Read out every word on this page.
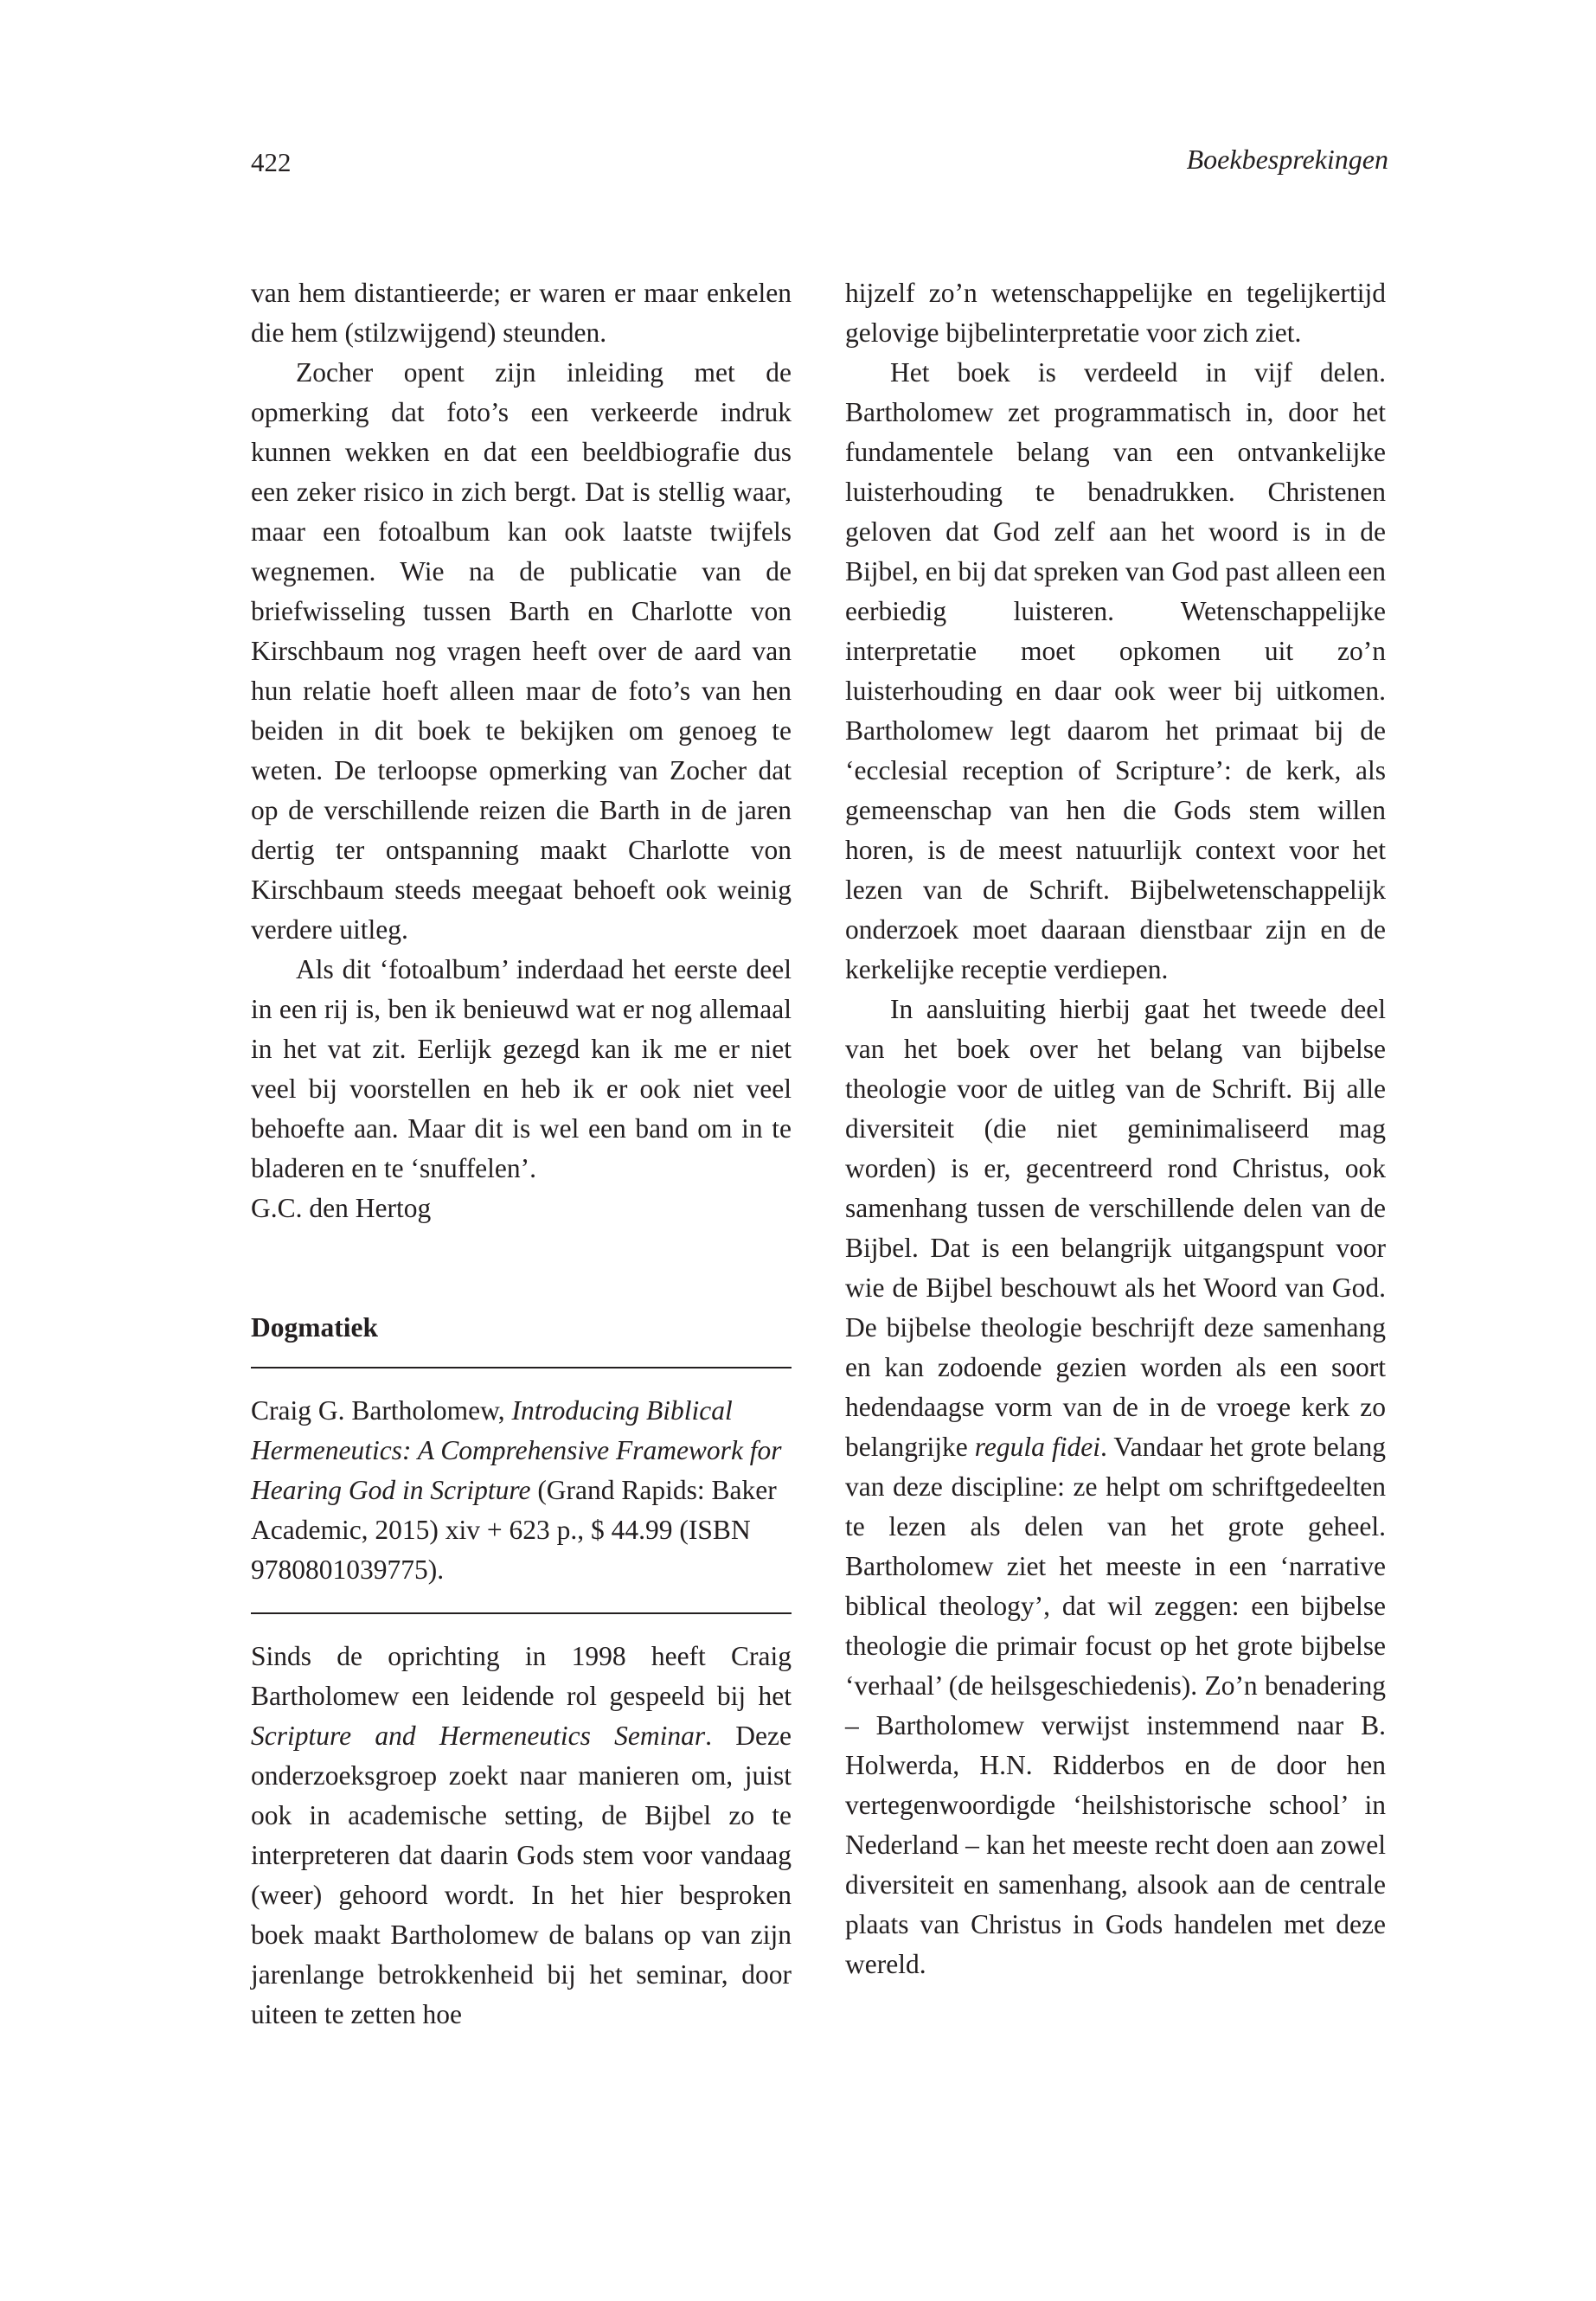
422	Boekbesprekingen

van hem distantieerde; er waren er maar enkelen die hem (stilzwijgend) steunden.

Zocher opent zijn inleiding met de opmerking dat foto’s een verkeerde indruk kunnen wekken en dat een beeldbiografie dus een zeker risico in zich bergt. Dat is stellig waar, maar een fotoalbum kan ook laatste twijfels wegnemen. Wie na de publicatie van de briefwisseling tussen Barth en Charlotte von Kirschbaum nog vragen heeft over de aard van hun relatie hoeft alleen maar de foto’s van hen beiden in dit boek te bekijken om genoeg te weten. De terloopse opmerking van Zocher dat op de verschillende reizen die Barth in de jaren dertig ter ontspanning maakt Charlotte von Kirschbaum steeds meegaat behoeft ook weinig verdere uitleg.

Als dit ‘fotoalbum’ inderdaad het eerste deel in een rij is, ben ik benieuwd wat er nog allemaal in het vat zit. Eerlijk gezegd kan ik me er niet veel bij voorstellen en heb ik er ook niet veel behoefte aan. Maar dit is wel een band om in te bladeren en te ‘snuffelen’.

G.C. den Hertog

Dogmatiek

Craig G. Bartholomew, Introducing Biblical Hermeneutics: A Comprehensive Framework for Hearing God in Scripture (Grand Rapids: Baker Academic, 2015) xiv + 623 p., $ 44.99 (ISBN 9780801039775).

Sinds de oprichting in 1998 heeft Craig Bartholomew een leidende rol gespeeld bij het Scripture and Hermeneutics Seminar. Deze onderzoeksgroep zoekt naar manieren om, juist ook in academische setting, de Bijbel zo te interpreteren dat daarin Gods stem voor vandaag (weer) gehoord wordt. In het hier besproken boek maakt Bartholomew de balans op van zijn jarenlange betrokkenheid bij het seminar, door uiteen te zetten hoe

hijzelf zo’n wetenschappelijke en tegelijkertijd gelovige bijbelinterpretatie voor zich ziet.

Het boek is verdeeld in vijf delen. Bartholomew zet programmatisch in, door het fundamentele belang van een ontvankelijke luisterhouding te benadrukken. Christenen geloven dat God zelf aan het woord is in de Bijbel, en bij dat spreken van God past alleen een eerbiedig luisteren. Wetenschappelijke interpretatie moet opkomen uit zo’n luisterhouding en daar ook weer bij uitkomen. Bartholomew legt daarom het primaat bij de ‘ecclesial reception of Scripture’: de kerk, als gemeenschap van hen die Gods stem willen horen, is de meest natuurlijk context voor het lezen van de Schrift. Bijbelwetenschappelijk onderzoek moet daaraan dienstbaar zijn en de kerkelijke receptie verdiepen.

In aansluiting hierbij gaat het tweede deel van het boek over het belang van bijbelse theologie voor de uitleg van de Schrift. Bij alle diversiteit (die niet geminimaliseerd mag worden) is er, gecentreerd rond Christus, ook samenhang tussen de verschillende delen van de Bijbel. Dat is een belangrijk uitgangspunt voor wie de Bijbel beschouwt als het Woord van God. De bijbelse theologie beschrijft deze samenhang en kan zodoende gezien worden als een soort hedendaagse vorm van de in de vroege kerk zo belangrijke regula fidei. Vandaar het grote belang van deze discipline: ze helpt om schriftgedeelten te lezen als delen van het grote geheel. Bartholomew ziet het meeste in een ‘narrative biblical theology’, dat wil zeggen: een bijbelse theologie die primair focust op het grote bijbelse ‘verhaal’ (de heilsgeschiedenis). Zo’n benadering – Bartholomew verwijst instemmend naar B. Holwerda, H.N. Ridderbos en de door hen vertegenwoordigde ‘heilshistorische school’ in Nederland – kan het meeste recht doen aan zowel diversiteit en samenhang, alsook aan de centrale plaats van Christus in Gods handelen met deze wereld.
